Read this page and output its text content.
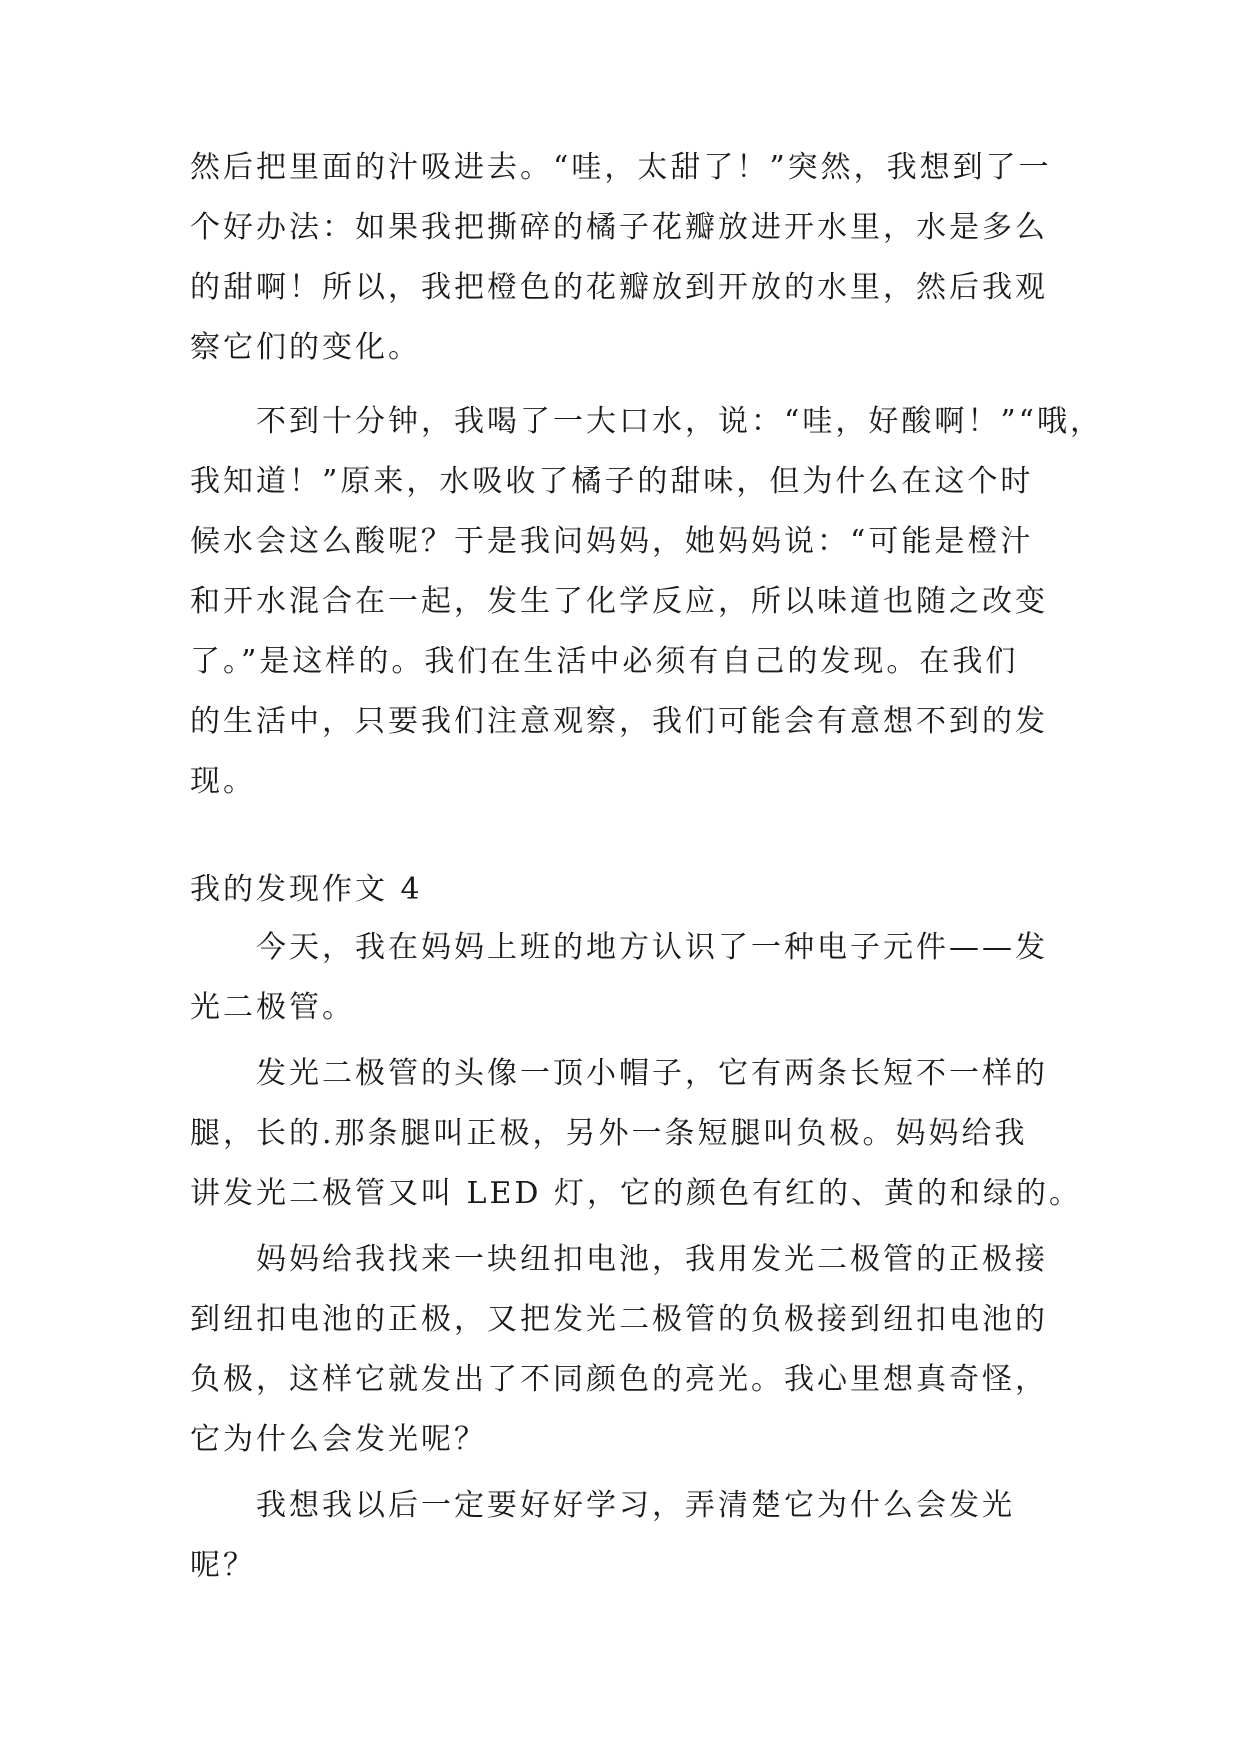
然后把里面的汁吸进去。“哇，太甜了！”突然，我想到了一

个好办法：如果我把撕碎的橘子花瓣放进开水里，水是多么

的甜啊！所以，我把橙色的花瓣放到开放的水里，然后我观

察它们的变化。

不到十分钟，我喝了一大口水，说：“哇，好酸啊！”“哦，

我知道！”原来，水吸收了橘子的甜味，但为什么在这个时

候水会这么酸呢？于是我问妈妈，她妈妈说：“可能是橙汁

和开水混合在一起，发生了化学反应，所以味道也随之改变

了。”是这样的。我们在生活中必须有自己的发现。在我们

的生活中，只要我们注意观察，我们可能会有意想不到的发

现。

我的发现作文 4

今天，我在妈妈上班的地方认识了一种电子元件——发

光二极管。

发光二极管的头像一顶小帽子，它有两条长短不一样的

腿，长的.那条腿叫正极，另外一条短腿叫负极。妈妈给我

讲发光二极管又叫 LED 灯，它的颜色有红的、黄的和绿的。

妈妈给我找来一块纽扣电池，我用发光二极管的正极接

到纽扣电池的正极，又把发光二极管的负极接到纽扣电池的

负极，这样它就发出了不同颜色的亮光。我心里想真奇怪，

它为什么会发光呢？

我想我以后一定要好好学习，弄清楚它为什么会发光

呢？
